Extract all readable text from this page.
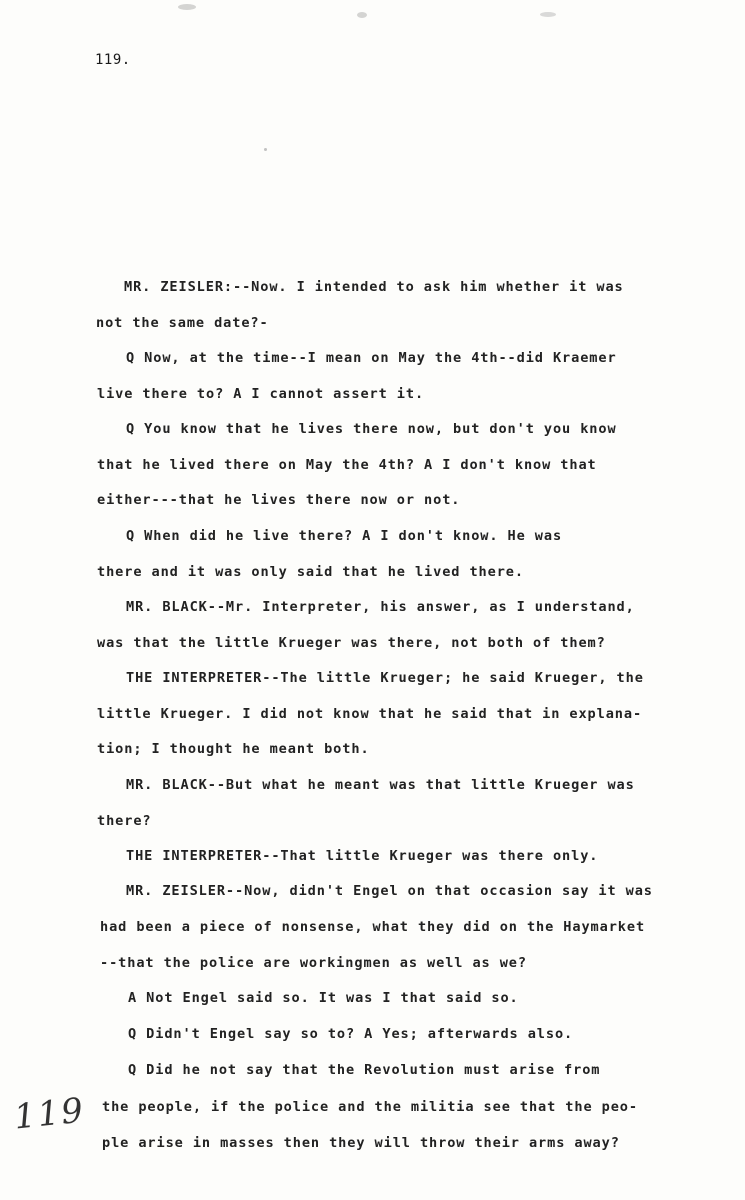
119.
MR. ZEISLER:--Now. I intended to ask him whether it was
not the same date?-
Q Now, at the time--I mean on May the 4th--did Kraemer
live there to? A I cannot assert it.
Q You know that he lives there now, but don't you know
that he lived there on May the 4th? A I don't know that
either---that he lives there now or not.
Q When did he live there? A I don't know. He was
there and it was only said that he lived there.
MR. BLACK--Mr. Interpreter, his answer, as I understand,
was that the little Krueger was there, not both of them?
THE INTERPRETER--The little Krueger; he said Krueger, the
little Krueger. I did not know that he said that in explana-
tion; I thought he meant both.
MR. BLACK--But what he meant was that little Krueger was
there?
THE INTERPRETER--That little Krueger was there only.
MR. ZEISLER--Now, didn't Engel on that occasion say it was
had been a piece of nonsense, what they did on the Haymarket
--that the police are workingmen as well as we?
A Not Engel said so. It was I that said so.
Q Didn't Engel say so to? A Yes; afterwards also.
Q Did he not say that the Revolution must arise from
the people, if the police and the militia see that the peo-
ple arise in masses then they will throw their arms away?
119
